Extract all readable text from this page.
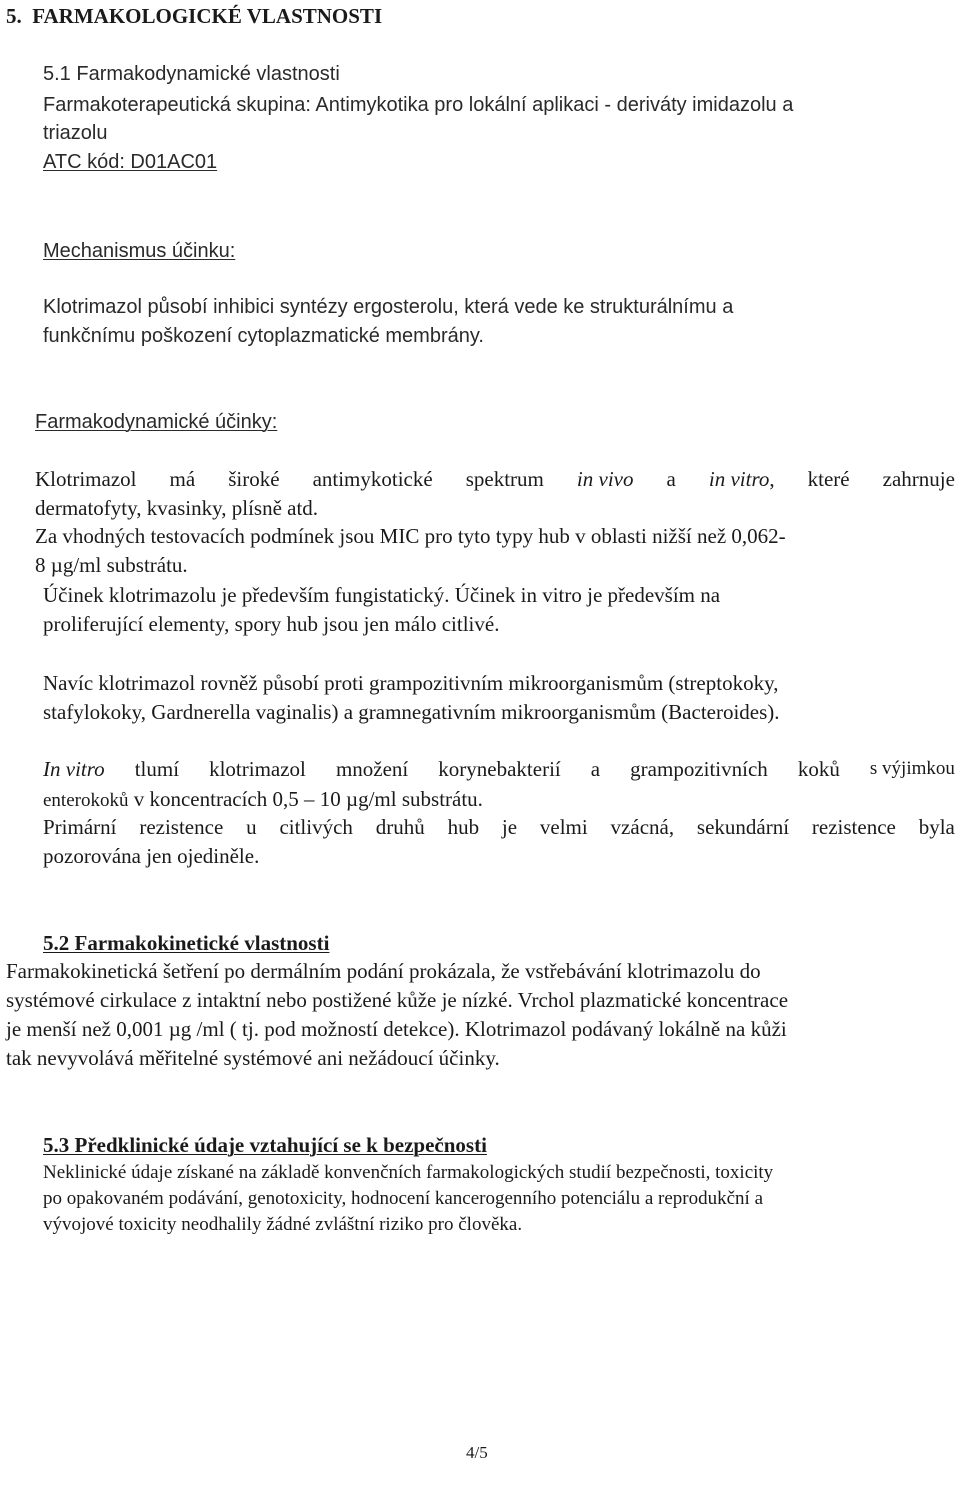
5.  FARMAKOLOGICKÉ VLASTNOSTI

5.1 Farmakodynamické vlastnosti

Farmakoterapeutická skupina: Antimykotika pro lokální aplikaci - deriváty imidazolu a

triazolu

ATC kód: D01AC01

Mechanismus účinku:

Klotrimazol působí inhibici syntézy ergosterolu, která vede ke strukturálnímu a

funkčnímu poškození cytoplazmatické membrány.

Farmakodynamické účinky:

Klotrimazol má široké antimykotické spektrum in vivo a in vitro, které zahrnuje

dermatofyty, kvasinky, plísně atd.

Za vhodných testovacích podmínek jsou MIC pro tyto typy hub v oblasti nižší než 0,062-

8 µg/ml substrátu.

Účinek klotrimazolu je především fungistatický. Účinek in vitro je především na

proliferující elementy, spory hub jsou jen málo citlivé.

Navíc klotrimazol rovněž působí proti grampozitivním mikroorganismům (streptokoky,

stafylokoky, Gardnerella vaginalis) a gramnegativním mikroorganismům (Bacteroides).

In vitro tlumí klotrimazol množení korynebakterií a grampozitivních koků s výjimkou

enterokoků v koncentracích 0,5 – 10 µg/ml substrátu.

Primární rezistence u citlivých druhů hub je velmi vzácná, sekundární rezistence byla

pozorována jen ojediněle.

5.2 Farmakokinetické vlastnosti

Farmakokinetická šetření po dermálním podání prokázala, že vstřebávání klotrimazolu do

systémové cirkulace z intaktní nebo postižené kůže je nízké. Vrchol plazmatické koncentrace

je menší než 0,001 µg /ml ( tj. pod možností detekce). Klotrimazol podávaný lokálně na kůži

tak nevyvolává měřitelné systémové ani nežádoucí účinky.

5.3 Předklinické údaje vztahující se k bezpečnosti

Neklinické údaje získané na základě konvenčních farmakologických studií bezpečnosti, toxicity

po opakovaném podávání, genotoxicity, hodnocení kancerogenního potenciálu a reprodukční a

vývojové toxicity neodhalily žádné zvláštní riziko pro člověka.

4/5
